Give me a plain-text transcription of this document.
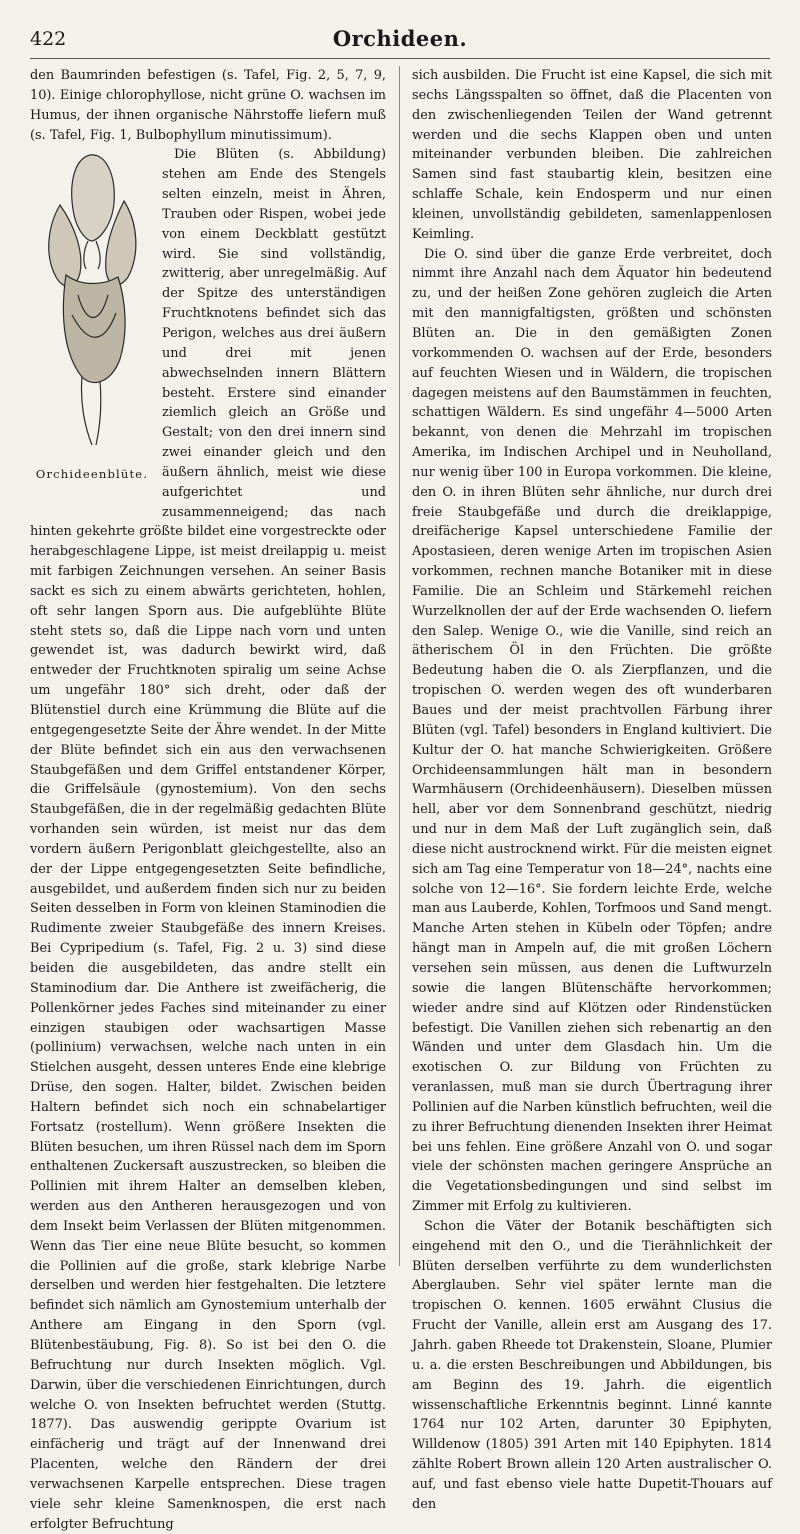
422	Orchideen.

den Baumrinden befestigen (s. Tafel, Fig. 2, 5, 7, 9, 10). Einige chlorophyllose, nicht grüne O. wachsen im Humus, der ihnen organische Nährstoffe liefern muß (s. Tafel, Fig. 1, Bulbophyllum minutissimum).

Orchideenblüte.

Die Blüten (s. Abbildung) stehen am Ende des Stengels selten einzeln, meist in Ähren, Trauben oder Rispen, wobei jede von einem Deckblatt gestützt wird. Sie sind vollständig, zwitterig, aber unregelmäßig. Auf der Spitze des unterständigen Fruchtknotens befindet sich das Perigon, welches aus drei äußern und drei mit jenen abwechselnden innern Blättern besteht. Erstere sind einander ziemlich gleich an Größe und Gestalt; von den drei innern sind zwei einander gleich und den äußern ähnlich, meist wie diese aufgerichtet und zusammenneigend; das nach hinten gekehrte größte bildet eine vorgestreckte oder herabgeschlagene Lippe, ist meist dreilappig u. meist mit farbigen Zeichnungen versehen. An seiner Basis sackt es sich zu einem abwärts gerichteten, hohlen, oft sehr langen Sporn aus. Die aufgeblühte Blüte steht stets so, daß die Lippe nach vorn und unten gewendet ist, was dadurch bewirkt wird, daß entweder der Fruchtknoten spiralig um seine Achse um ungefähr 180° sich dreht, oder daß der Blütenstiel durch eine Krümmung die Blüte auf die entgegengesetzte Seite der Ähre wendet. In der Mitte der Blüte befindet sich ein aus den verwachsenen Staubgefäßen und dem Griffel entstandener Körper, die Griffelsäule (gynostemium). Von den sechs Staubgefäßen, die in der regelmäßig gedachten Blüte vorhanden sein würden, ist meist nur das dem vordern äußern Perigonblatt gleichgestellte, also an der der Lippe entgegengesetzten Seite befindliche, ausgebildet, und außerdem finden sich nur zu beiden Seiten desselben in Form von kleinen Staminodien die Rudimente zweier Staubgefäße des innern Kreises. Bei Cypripedium (s. Tafel, Fig. 2 u. 3) sind diese beiden die ausgebildeten, das andre stellt ein Staminodium dar. Die Anthere ist zweifächerig, die Pollenkörner jedes Faches sind miteinander zu einer einzigen staubigen oder wachsartigen Masse (pollinium) verwachsen, welche nach unten in ein Stielchen ausgeht, dessen unteres Ende eine klebrige Drüse, den sogen. Halter, bildet. Zwischen beiden Haltern befindet sich noch ein schnabelartiger Fortsatz (rostellum). Wenn größere Insekten die Blüten besuchen, um ihren Rüssel nach dem im Sporn enthaltenen Zuckersaft auszustrecken, so bleiben die Pollinien mit ihrem Halter an demselben kleben, werden aus den Antheren herausgezogen und von dem Insekt beim Verlassen der Blüten mitgenommen. Wenn das Tier eine neue Blüte besucht, so kommen die Pollinien auf die große, stark klebrige Narbe derselben und werden hier festgehalten. Die letztere befindet sich nämlich am Gynostemium unterhalb der Anthere am Eingang in den Sporn (vgl. Blütenbestäubung, Fig. 8). So ist bei den O. die Befruchtung nur durch Insekten möglich. Vgl. Darwin, über die verschiedenen Einrichtungen, durch welche O. von Insekten befruchtet werden (Stuttg. 1877). Das auswendig gerippte Ovarium ist einfächerig und trägt auf der Innenwand drei Placenten, welche den Rändern der drei verwachsenen Karpelle entsprechen. Diese tragen viele sehr kleine Samenknospen, die erst nach erfolgter Befruchtung

sich ausbilden. Die Frucht ist eine Kapsel, die sich mit sechs Längsspalten so öffnet, daß die Placenten von den zwischenliegenden Teilen der Wand getrennt werden und die sechs Klappen oben und unten miteinander verbunden bleiben. Die zahlreichen Samen sind fast staubartig klein, besitzen eine schlaffe Schale, kein Endosperm und nur einen kleinen, unvollständig gebildeten, samenlappenlosen Keimling.

Die O. sind über die ganze Erde verbreitet, doch nimmt ihre Anzahl nach dem Äquator hin bedeutend zu, und der heißen Zone gehören zugleich die Arten mit den mannigfaltigsten, größten und schönsten Blüten an. Die in den gemäßigten Zonen vorkommenden O. wachsen auf der Erde, besonders auf feuchten Wiesen und in Wäldern, die tropischen dagegen meistens auf den Baumstämmen in feuchten, schattigen Wäldern. Es sind ungefähr 4—5000 Arten bekannt, von denen die Mehrzahl im tropischen Amerika, im Indischen Archipel und in Neuholland, nur wenig über 100 in Europa vorkommen. Die kleine, den O. in ihren Blüten sehr ähnliche, nur durch drei freie Staubgefäße und durch die dreiklappige, dreifächerige Kapsel unterschiedene Familie der Apostasieen, deren wenige Arten im tropischen Asien vorkommen, rechnen manche Botaniker mit in diese Familie. Die an Schleim und Stärkemehl reichen Wurzelknollen der auf der Erde wachsenden O. liefern den Salep. Wenige O., wie die Vanille, sind reich an ätherischem Öl in den Früchten. Die größte Bedeutung haben die O. als Zierpflanzen, und die tropischen O. werden wegen des oft wunderbaren Baues und der meist prachtvollen Färbung ihrer Blüten (vgl. Tafel) besonders in England kultiviert. Die Kultur der O. hat manche Schwierigkeiten. Größere Orchideensammlungen hält man in besondern Warmhäusern (Orchideenhäusern). Dieselben müssen hell, aber vor dem Sonnenbrand geschützt, niedrig und nur in dem Maß der Luft zugänglich sein, daß diese nicht austrocknend wirkt. Für die meisten eignet sich am Tag eine Temperatur von 18—24°, nachts eine solche von 12—16°. Sie fordern leichte Erde, welche man aus Lauberde, Kohlen, Torfmoos und Sand mengt. Manche Arten stehen in Kübeln oder Töpfen; andre hängt man in Ampeln auf, die mit großen Löchern versehen sein müssen, aus denen die Luftwurzeln sowie die langen Blütenschäfte hervorkommen; wieder andre sind auf Klötzen oder Rindenstücken befestigt. Die Vanillen ziehen sich rebenartig an den Wänden und unter dem Glasdach hin. Um die exotischen O. zur Bildung von Früchten zu veranlassen, muß man sie durch Übertragung ihrer Pollinien auf die Narben künstlich befruchten, weil die zu ihrer Befruchtung dienenden Insekten ihrer Heimat bei uns fehlen. Eine größere Anzahl von O. und sogar viele der schönsten machen geringere Ansprüche an die Vegetationsbedingungen und sind selbst im Zimmer mit Erfolg zu kultivieren.

Schon die Väter der Botanik beschäftigten sich eingehend mit den O., und die Tierähnlichkeit der Blüten derselben verführte zu dem wunderlichsten Aberglauben. Sehr viel später lernte man die tropischen O. kennen. 1605 erwähnt Clusius die Frucht der Vanille, allein erst am Ausgang des 17. Jahrh. gaben Rheede tot Drakenstein, Sloane, Plumier u. a. die ersten Beschreibungen und Abbildungen, bis am Beginn des 19. Jahrh. die eigentlich wissenschaftliche Erkenntnis beginnt. Linné kannte 1764 nur 102 Arten, darunter 30 Epiphyten, Willdenow (1805) 391 Arten mit 140 Epiphyten. 1814 zählte Robert Brown allein 120 Arten australischer O. auf, und fast ebenso viele hatte Dupetit-Thouars auf den
